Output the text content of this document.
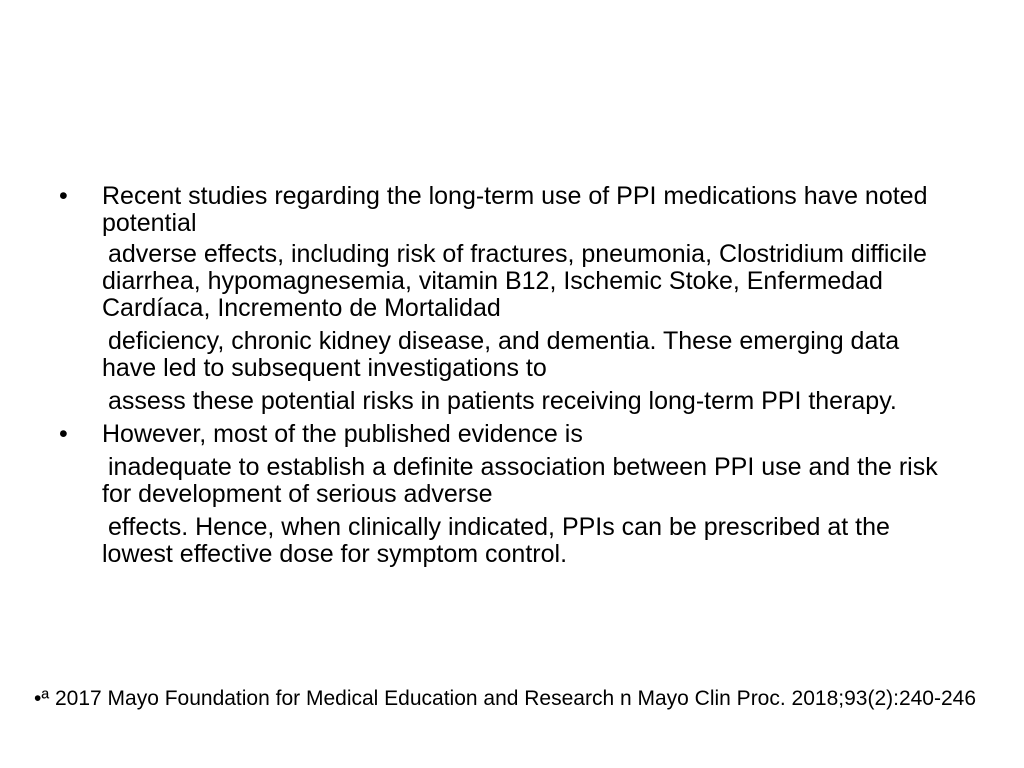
•	Recent studies regarding the long-term use of PPI medications have noted potential
adverse effects, including risk of fractures, pneumonia, Clostridium difficile diarrhea, hypomagnesemia, vitamin B12, Ischemic Stoke, Enfermedad Cardíaca, Incremento de Mortalidad
deficiency, chronic kidney disease, and dementia. These emerging data have led to subsequent investigations to
assess these potential risks in patients receiving long-term PPI therapy.
•	However, most of the published evidence is
inadequate to establish a definite association between PPI use and the risk for development of serious adverse
effects. Hence, when clinically indicated, PPIs can be prescribed at the lowest effective dose for symptom control.
•ª 2017 Mayo Foundation for Medical Education and Research n Mayo Clin Proc. 2018;93(2):240-246
